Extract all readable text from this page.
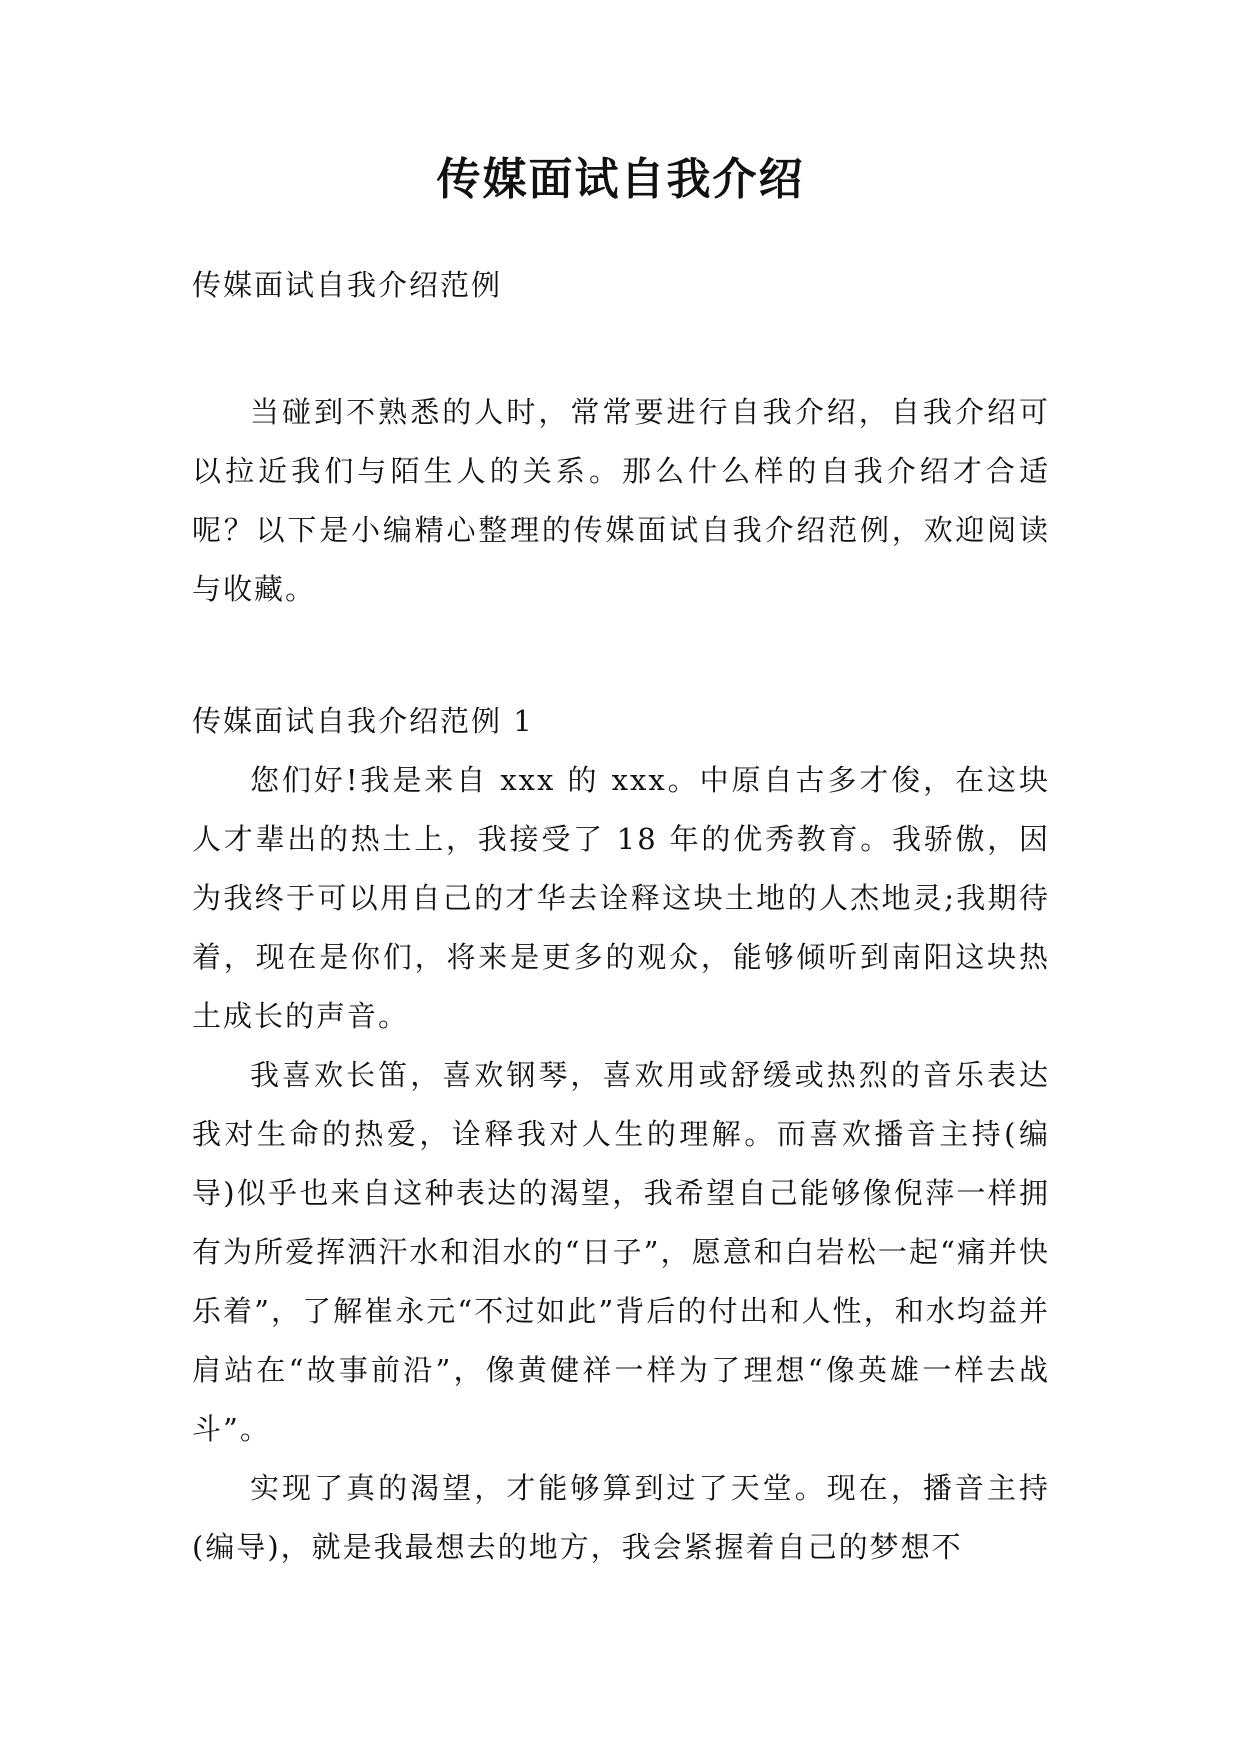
传媒面试自我介绍

传媒面试自我介绍范例

当碰到不熟悉的人时，常常要进行自我介绍，自我介绍可以拉近我们与陌生人的关系。那么什么样的自我介绍才合适呢？以下是小编精心整理的传媒面试自我介绍范例，欢迎阅读与收藏。

传媒面试自我介绍范例 1

您们好!我是来自 xxx 的 xxx。中原自古多才俊，在这块人才辈出的热土上，我接受了 18 年的优秀教育。我骄傲，因为我终于可以用自己的才华去诠释这块土地的人杰地灵;我期待着，现在是你们，将来是更多的观众，能够倾听到南阳这块热土成长的声音。

我喜欢长笛，喜欢钢琴，喜欢用或舒缓或热烈的音乐表达我对生命的热爱，诠释我对人生的理解。而喜欢播音主持(编导)似乎也来自这种表达的渴望，我希望自己能够像倪萍一样拥有为所爱挥洒汗水和泪水的“日子”，愿意和白岩松一起“痛并快乐着”，了解崔永元“不过如此”背后的付出和人性，和水均益并肩站在“故事前沿”，像黄健祥一样为了理想“像英雄一样去战斗”。

实现了真的渴望，才能够算到过了天堂。现在，播音主持(编导)，就是我最想去的地方，我会紧握着自己的梦想不
